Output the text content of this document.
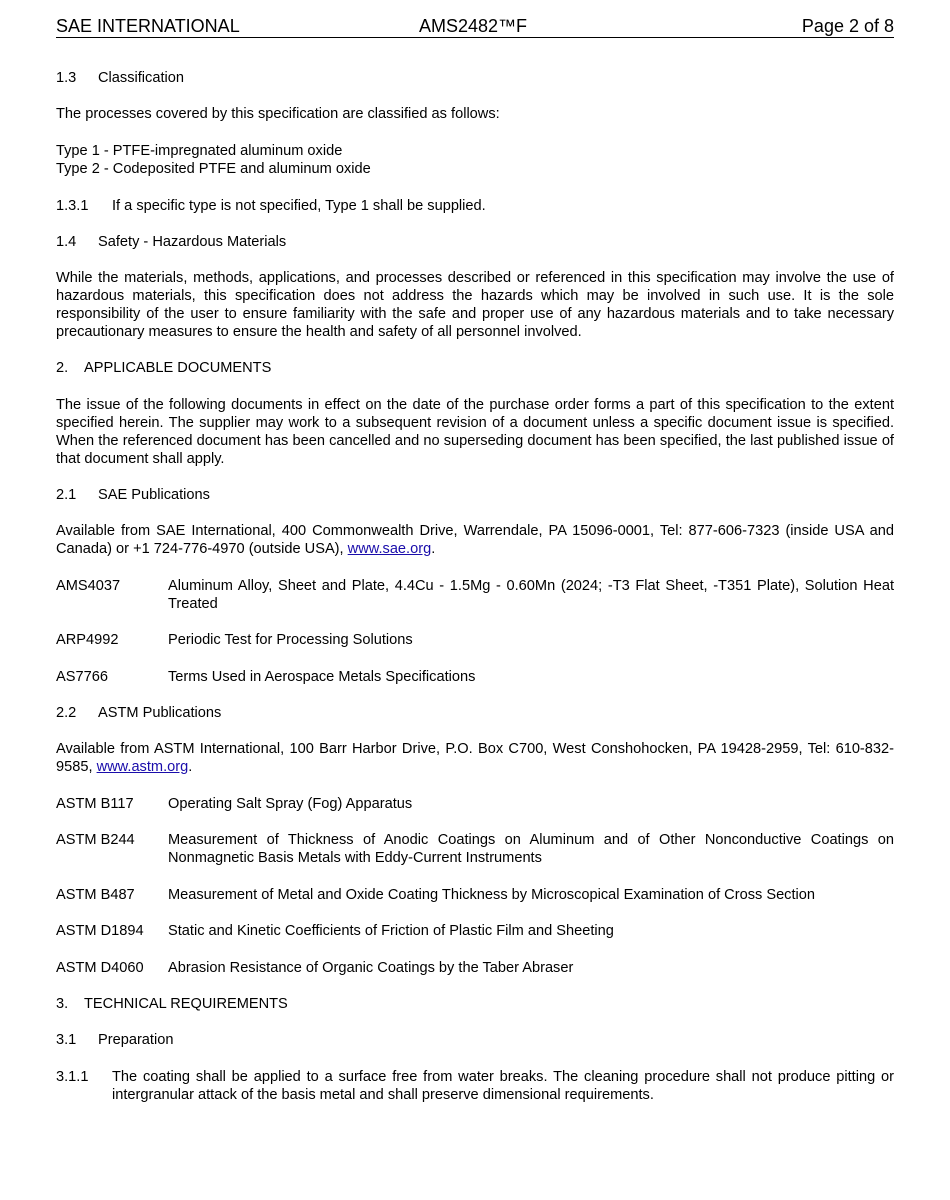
SAE INTERNATIONAL	AMS2482™F	Page 2 of 8
1.3 Classification
The processes covered by this specification are classified as follows:
Type 1 - PTFE-impregnated aluminum oxide
Type 2 - Codeposited PTFE and aluminum oxide
1.3.1 If a specific type is not specified, Type 1 shall be supplied.
1.4 Safety - Hazardous Materials
While the materials, methods, applications, and processes described or referenced in this specification may involve the use of hazardous materials, this specification does not address the hazards which may be involved in such use. It is the sole responsibility of the user to ensure familiarity with the safe and proper use of any hazardous materials and to take necessary precautionary measures to ensure the health and safety of all personnel involved.
2. APPLICABLE DOCUMENTS
The issue of the following documents in effect on the date of the purchase order forms a part of this specification to the extent specified herein. The supplier may work to a subsequent revision of a document unless a specific document issue is specified. When the referenced document has been cancelled and no superseding document has been specified, the last published issue of that document shall apply.
2.1 SAE Publications
Available from SAE International, 400 Commonwealth Drive, Warrendale, PA 15096-0001, Tel: 877-606-7323 (inside USA and Canada) or +1 724-776-4970 (outside USA), www.sae.org.
AMS4037	Aluminum Alloy, Sheet and Plate, 4.4Cu - 1.5Mg - 0.60Mn (2024; -T3 Flat Sheet, -T351 Plate), Solution Heat Treated
ARP4992	Periodic Test for Processing Solutions
AS7766	Terms Used in Aerospace Metals Specifications
2.2 ASTM Publications
Available from ASTM International, 100 Barr Harbor Drive, P.O. Box C700, West Conshohocken, PA 19428-2959, Tel: 610-832-9585, www.astm.org.
ASTM B117 Operating Salt Spray (Fog) Apparatus
ASTM B244 Measurement of Thickness of Anodic Coatings on Aluminum and of Other Nonconductive Coatings on Nonmagnetic Basis Metals with Eddy-Current Instruments
ASTM B487 Measurement of Metal and Oxide Coating Thickness by Microscopical Examination of Cross Section
ASTM D1894 Static and Kinetic Coefficients of Friction of Plastic Film and Sheeting
ASTM D4060 Abrasion Resistance of Organic Coatings by the Taber Abraser
3. TECHNICAL REQUIREMENTS
3.1 Preparation
3.1.1 The coating shall be applied to a surface free from water breaks. The cleaning procedure shall not produce pitting or intergranular attack of the basis metal and shall preserve dimensional requirements.
